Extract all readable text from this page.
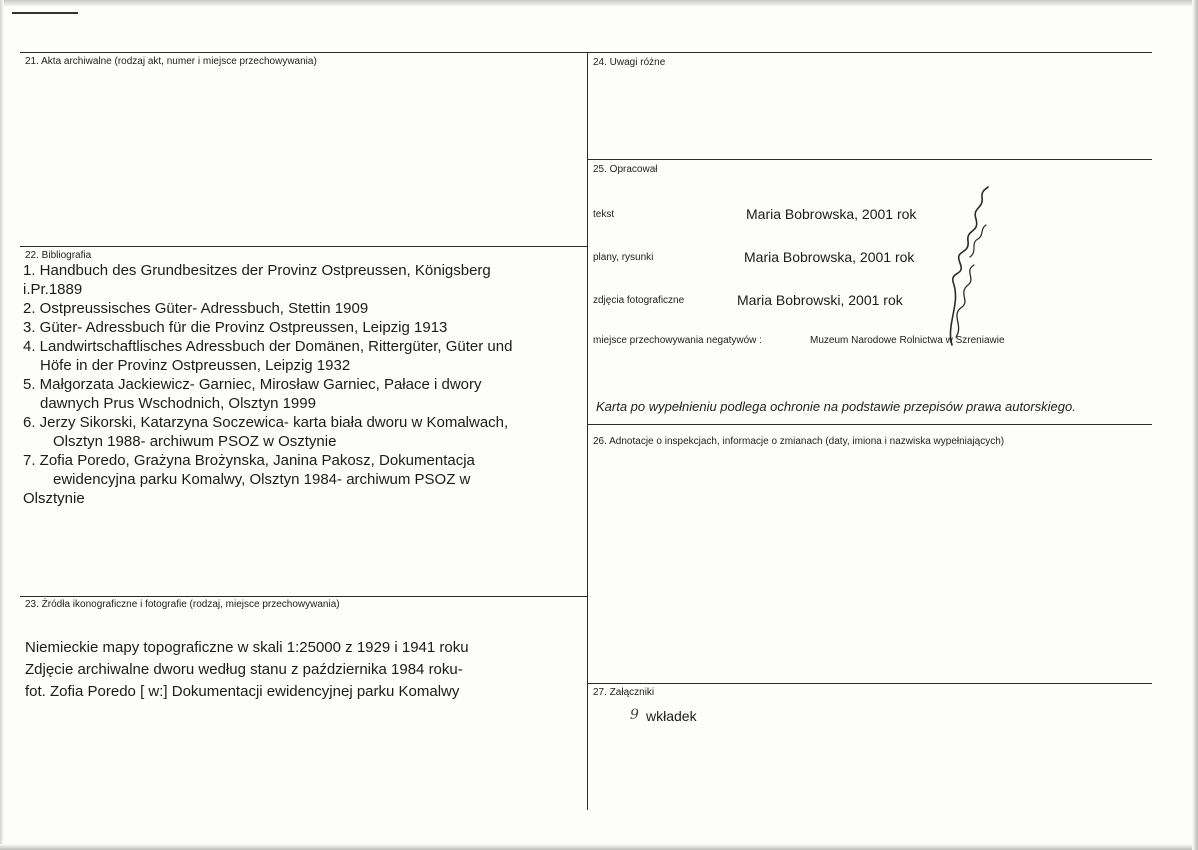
21. Akta archiwalne (rodzaj akt, numer i miejsce przechowywania)
22. Bibliografia
1. Handbuch des Grundbesitzes der Provinz Ostpreussen, Königsberg
i.Pr.1889
2. Ostpreussisches Güter- Adressbuch, Stettin 1909
3. Güter- Adressbuch für die Provinz Ostpreussen, Leipzig 1913
4. Landwirtschaftlisches Adressbuch der Domänen, Rittergüter, Güter und
Höfe in der Provinz Ostpreussen, Leipzig 1932
5. Małgorzata Jackiewicz- Garniec, Mirosław Garniec, Pałace i dwory
dawnych Prus Wschodnich, Olsztyn 1999
6. Jerzy Sikorski, Katarzyna Soczewica- karta biała dworu w Komalwach,
Olsztyn 1988- archiwum PSOZ w Osztynie
7. Zofia Poredo, Grażyna Brożynska, Janina Pakosz, Dokumentacja
ewidencyjna parku Komalwy, Olsztyn 1984- archiwum PSOZ w
Olsztynie
23. Źródła ikonograficzne i fotografie (rodzaj, miejsce przechowywania)
Niemieckie mapy topograficzne w skali 1:25000 z 1929 i 1941 roku
Zdjęcie archiwalne dworu według stanu z października 1984 roku-
fot. Zofia Poredo [ w:] Dokumentacji ewidencyjnej parku Komalwy
24. Uwagi różne
25. Opracował
tekst	Maria Bobrowska, 2001 rok
plany, rysunki	Maria Bobrowska, 2001 rok
zdjęcia fotograficzne	Maria Bobrowski, 2001 rok
miejsce przechowywania negatywów :	Muzeum Narodowe Rolnictwa w Szreniawie
Karta po wypełnieniu podlega ochronie na podstawie przepisów prawa autorskiego.
26. Adnotacje o inspekcjach, informacje o zmianach (daty, imiona i nazwiska wypełniających)
27. Załączniki
9 wkładek
